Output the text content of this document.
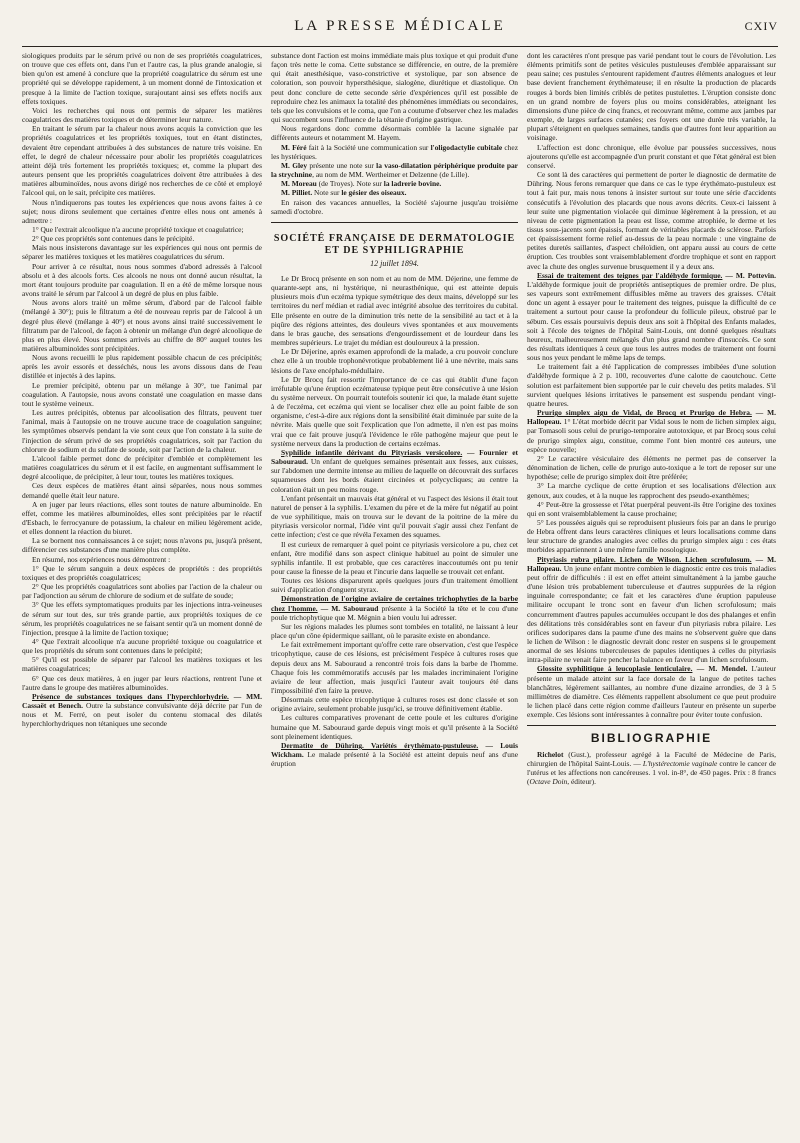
LA PRESSE MÉDICALE	CXIV

siologiques produits par le sérum privé ou non de ses propriétés coagulatrices, on trouve que ces effets ont, dans l'un et l'autre cas, la plus grande analogie, si bien qu'on est amené à conclure que la propriété coagulatrice du sérum est une propriété qui se développe rapidement, à un moment donné de l'intoxication et presque à la limite de l'action toxique, surajoutant ainsi ses effets nocifs aux effets toxiques.

Voici les recherches qui nous ont permis de séparer les matières coagulatrices des matières toxiques et de déterminer leur nature.

En traitant le sérum par la chaleur nous avons acquis la conviction que les propriétés coagulatrices et les propriétés toxiques, tout en étant distinctes, devaient être cependant attribuées à des substances de nature très voisine. En effet, le degré de chaleur nécessaire pour abolir les propriétés coagulatrices atteint déjà très fortement les propriétés toxiques; et, comme la plupart des auteurs pensent que les propriétés coagulatrices doivent être attribuées à des matières albuminoïdes, nous avons dirigé nos recherches de ce côté et employé l'alcool qui, on le sait, précipite ces matières.

Nous n'indiquerons pas toutes les expériences que nous avons faites à ce sujet; nous dirons seulement que certaines d'entre elles nous ont amenés à admettre :

1° Que l'extrait alcoolique n'a aucune propriété toxique et coagulatrice;

2° Que ces propriétés sont contenues dans le précipité.

Mais nous insisterons davantage sur les expériences qui nous ont permis de séparer les matières toxiques et les matières coagulatrices du sérum.

Pour arriver à ce résultat, nous nous sommes d'abord adressés à l'alcool absolu et à des alcools forts. Ces alcools ne nous ont donné aucun résultat, la mort étant toujours produite par coagulation. Il en a été de même lorsque nous avons traité le sérum par l'alcool à un degré de plus en plus faible.

Nous avons alors traité un même sérum, d'abord par de l'alcool faible (mélangé à 30°); puis le filtratum a été de nouveau repris par de l'alcool à un degré plus élevé (mélange à 40°) et nous avons ainsi traité successivement le filtratum par de l'alcool, de façon à obtenir un mélange d'un degré alcoolique de plus en plus élevé. Nous sommes arrivés au chiffre de 80° auquel toutes les matières albuminoïdes sont précipitées.

Nous avons recueilli le plus rapidement possible chacun de ces précipités; après les avoir essorés et desséchés, nous les avons dissous dans de l'eau distillée et injectés à des lapins.

Le premier précipité, obtenu par un mélange à 30°, tue l'animal par coagulation. A l'autopsie, nous avons constaté une coagulation en masse dans tout le système veineux.

Les autres précipités, obtenus par alcoolisation des filtrats, peuvent tuer l'animal, mais à l'autopsie on ne trouve aucune trace de coagulation sanguine; les symptômes observés pendant la vie sont ceux que l'on constate à la suite de l'injection de sérum privé de ses propriétés coagulatrices, soit par l'action du chlorure de sodium et du sulfate de soude, soit par l'action de la chaleur.

L'alcool faible permet donc de précipiter d'emblée et complètement les matières coagulatrices du sérum et il est facile, en augmentant suffisamment le degré alcoolique, de précipiter, à leur tour, toutes les matières toxiques.

Ces deux espèces de matières étant ainsi séparées, nous nous sommes demandé quelle était leur nature.

A en juger par leurs réactions, elles sont toutes de nature albuminoïde. En effet, comme les matières albuminoïdes, elles sont précipitées par le réactif d'Esbach, le ferrocyanure de potassium, la chaleur en milieu légèrement acide, et elles donnent la réaction du biuret.

La se bornent nos connaissances à ce sujet; nous n'avons pu, jusqu'à présent, différencier ces substances d'une manière plus complète.

En résumé, nos expériences nous démontrent :

1° Que le sérum sanguin a deux espèces de propriétés : des propriétés toxiques et des propriétés coagulatrices;

2° Que les propriétés coagulatrices sont abolies par l'action de la chaleur ou par l'adjonction au sérum de chlorure de sodium et de sulfate de soude;

3° Que les effets symptomatiques produits par les injections intra-veineuses de sérum sur tout des, sur très grande partie, aux propriétés toxiques de ce sérum, les propriétés coagulatrices ne se faisant sentir qu'à un moment donné de l'injection, presque à la limite de l'action toxique;

4° Que l'extrait alcoolique n'a aucune propriété toxique ou coagulatrice et que les propriétés du sérum sont contenues dans le précipité;

5° Qu'il est possible de séparer par l'alcool les matières toxiques et les matières coagulatrices;

6° Que ces deux matières, à en juger par leurs réactions, rentrent l'une et l'autre dans le groupe des matières albuminoïdes.

Présence de substances toxiques dans l'hyperchlorhydrie. — MM. Cassaët et Benech. Outre la substance convulsivante déjà décrite par l'un de nous et M. Ferré, on peut isoler du contenu stomacal des dilatés hyperchlorhydriques non tétaniques une seconde

substance dont l'action est moins immédiate mais plus toxique et qui produit d'une façon très nette le coma. Cette substance se différencie, en outre, de la première qui était anesthésique, vaso-constrictive et systolique, par son absence de coloration, son pouvoir hypersthésique, sialogène, diurétique et diastolique. On peut donc conclure de cette seconde série d'expériences qu'il est possible de reproduire chez les animaux la totalité des phénomènes immédiats ou secondaires, tels que les convulsions et le coma, que l'on a coutume d'observer chez les malades qui succombent sous l'influence de la tétanie d'origine gastrique.

Nous regardons donc comme désormais comblée la lacune signalée par différents auteurs et notamment M. Hayem.

M. Féré fait à la Société une communication sur l'oligodactylie cubitale chez les hystériques.

M. Gley présente une note sur la vaso-dilatation périphérique produite par la strychnine, au nom de MM. Wertheimer et Delzenne (de Lille).

M. Moreau (de Troyes). Note sur la ladrerie bovine.

M. Pilliet. Note sur le gésier des oiseaux.

En raison des vacances annuelles, la Société s'ajourne jusqu'au troisième samedi d'octobre.

SOCIÉTÉ FRANÇAISE DE DERMATOLOGIE ET DE SYPHILIGRAPHIE
12 juillet 1894.

Le Dr Brocq présente en son nom et au nom de MM. Déjerine, une femme de quarante-sept ans, ni hystérique, ni neurasthénique, qui est atteinte depuis plusieurs mois d'un eczéma typique symétrique des deux mains, développé sur les territoires du nerf médian et radial avec intégrité absolue des territoires du cubital. Elle présente en outre de la diminution très nette de la sensibilité au tact et à la piqûre des régions atteintes, des douleurs vives spontanées et aux mouvements dans le bras gauche, des sensations d'engourdissement et de lourdeur dans les membres supérieurs. Le trajet du médian est douloureux à la pression.

Le Dr Déjerine, après examen approfondi de la malade, a cru pouvoir conclure chez elle à un trouble trophonévrotique probablement lié à une névrite, mais sans lésions de l'axe encéphalo-médullaire.

Le Dr Brocq fait ressortir l'importance de ce cas qui établit d'une façon irréfutable qu'une éruption eczémateuse typique peut être consécutive à une lésion du système nerveux. On pourrait toutefois soutenir ici que, la malade étant sujette à de l'eczéma, cet eczéma qui vient se localiser chez elle au point faible de son organisme, c'est-à-dire aux régions dont la sensibilité était diminuée par suite de la névrite. Mais quelle que soit l'explication que l'on admette, il n'en est pas moins vrai que ce fait prouve jusqu'à l'évidence le rôle pathogène majeur que peut le système nerveux dans la production de certains eczémas.

Syphilide infantile dérivant du Pityriasis versicolore. — Fournier et Sabouraud. Un enfant de quelques semaines présentait aux fesses, aux cuisses, sur l'abdomen une dermite intense au milieu de laquelle on découvrait des surfaces squameuses dont les bords étaient circinées et polycycliques; au centre la coloration était un peu moins rouge.

L'enfant présentait un mauvais état général et vu l'aspect des lésions il était tout naturel de penser à la syphilis. L'examen du père et de la mère fut négatif au point de vue syphilitique, mais on trouva sur le devant de la poitrine de la mère du pityriasis versicolor normal, l'idée vint qu'il pouvait s'agir aussi chez l'enfant de cette infection; c'est ce que révéla l'examen des squames.

Il est curieux de remarquer à quel point ce pityriasis versicolore a pu, chez cet enfant, être modifié dans son aspect clinique habituel au point de simuler une syphilis infantile. Il est probable, que ces caractères inaccoutumés ont pu tenir pour cause la finesse de la peau et l'incurie dans laquelle se trouvait cet enfant.

Toutes ces lésions disparurent après quelques jours d'un traitement émollient suivi d'application d'onguent styrax.

Démonstration de l'origine aviaire de certaines trichophyties de la barbe chez l'homme. — M. Sabouraud présente à la Société la tête et le cou d'une poule trichophytique que M. Mégnin a bien voulu lui adresser.

Sur les régions malades les plumes sont tombées en totalité, ne laissant à leur place qu'un cône épidermique saillant, où le parasite existe en abondance.

Le fait extrêmement important qu'offre cette rare observation, c'est que l'espèce tricophytique, cause de ces lésions, est précisément l'espèce à cultures roses que depuis deux ans M. Sabouraud a rencontré trois fois dans la barbe de l'homme. Chaque fois les commémoratifs accusés par les malades incriminaient l'origine aviaire de leur affection, mais jusqu'ici l'auteur avait toujours été dans l'impossibilité d'en faire la preuve.

Désormais cette espèce tricophytique à cultures roses est donc classée et son origine aviaire, seulement probable jusqu'ici, se trouve définitivement établie.

Les cultures comparatives provenant de cette poule et les cultures d'origine humaine que M. Sabouraud garde depuis vingt mois et qu'il présente à la Société sont pleinement identiques.

Dermatite de Dühring. Variétés érythémato-pustuleuse. — Louis Wickham. Le malade présenté à la Société est atteint depuis neuf ans d'une éruption

dont les caractères n'ont presque pas varié pendant tout le cours de l'évolution. Les éléments primitifs sont de petites vésicules pustuleuses d'emblée apparaissant sur peau saine; ces pustules s'entourent rapidement d'autres éléments analogues et leur base devient franchement érythémateuse; il en résulte la production de placards rouges à bords bien limités criblés de petites pustulettes. L'éruption consiste donc en un grand nombre de foyers plus ou moins considérables, atteignant les dimensions d'une pièce de cinq francs, et recouvrant même, comme aux jambes par exemple, de larges surfaces cutanées; ces foyers ont une durée très variable, la plupart s'éteignent en quelques semaines, tandis que d'autres font leur apparition au voisinage.

L'affection est donc chronique, elle évolue par poussées successives, nous ajouterons qu'elle est accompagnée d'un prurit constant et que l'état général est bien conservé.

Ce sont là des caractères qui permettent de porter le diagnostic de dermatite de Dühring. Nous ferons remarquer que dans ce cas le type érythémato-pustuleux est tout à fait pur, mais nous tenons à insister surtout sur toute une série d'accidents consécutifs à l'évolution des placards que nous avons décrits. Ceux-ci laissent à leur suite une pigmentation violacée qui diminue légèrement à la pression, et au niveau de cette pigmentation la peau est lisse, comme atrophiée, le derme et les tissus sous-jacents sont épaissis, formant de véritables placards de sclérose. Parfois cet épaississement forme relief au-dessus de la peau normale : une vingtaine de petites duretés saillantes, d'aspect chéloïdien, ont apparu aussi au cours de cette éruption. Ces troubles sont vraisemblablement d'ordre trophique et sont en rapport avec la chute des ongles survenue brusquement il y a deux ans.

Essai de traitement des teignes par l'aldéhyde formique. — M. Pottevin. L'aldéhyde formique jouit de propriétés antiseptiques de premier ordre. De plus, ses vapeurs sont extrêmement diffusibles même au travers des graisses. C'était donc un agent à essayer pour le traitement des teignes, puisque la difficulté de ce traitement a surtout pour cause la profondeur du follicule pileux, obstrué par le sébum. Ces essais poursuivis depuis deux ans soit à l'hôpital des Enfants malades, soit à l'école des teignes de l'hôpital Saint-Louis, ont donné quelques résultats heureux, malheureusement mélangés d'un plus grand nombre d'insuccès. Ce sont des résultats identiques à ceux que tous les autres modes de traitement ont fourni sous nos yeux pendant le même laps de temps.

Le traitement fait a été l'application de compresses imbibées d'une solution d'aldéhyde formique à 2 p. 100, recouvertes d'une calotte de caoutchouc. Cette solution est parfaitement bien supportée par le cuir chevelu des petits malades. S'il survient quelques lésions irritatives le pansement est suspendu pendant vingt-quatre heures.

Prurigo simplex aigu de Vidal, de Brocq et Prurigo de Hebra. — M. Hallopeau. 1° L'état morbide décrit par Vidal sous le nom de lichen simplex aigu, par Tomasoli sous celui de prurigo-temporaire autotoxique, et par Brocq sous celui de prurigo simplex aigu, constitue, comme l'ont bien montré ces auteurs, une espèce nouvelle;

2° Le caractère vésiculaire des éléments ne permet pas de conserver la dénomination de lichen, celle de prurigo auto-toxique a le tort de reposer sur une hypothèse; celle de prurigo simplex doit être préférée;

3° La marche cyclique de cette éruption et ses localisations d'élection aux genoux, aux coudes, et à la nuque les rapprochent des pseudo-exanthèmes;

4° Peut-être la grossesse et l'état puerpéral peuvent-ils être l'origine des toxines qui en sont vraisemblablement la cause prochaine;

5° Les poussées aiguës qui se reproduisent plusieurs fois par an dans le prurigo de Hebra offrent dans leurs caractères cliniques et leurs localisations comme dans leur structure de grandes analogies avec celles du prurigo simplex aigu : ces états morbides appartiennent à une même famille nosologique.

Pityriasis rubra pilaire. Lichen de Wilson. Lichen scrofulosum. — M. Hallopeau. Un jeune enfant montre combien le diagnostic entre ces trois maladies peut offrir de difficultés : il est en effet atteint simultanément à la jambe gauche d'une lésion très probablement tuberculeuse et d'autres suppurées de la région inguinale correspondante; ce fait et les caractères d'une éruption papuleuse militaire occupant le tronc sont en faveur d'un lichen scrofulosum; mais concurremment d'autres papules accumulées occupant le dos des phalanges et enfin des délitations très considérables sont en faveur d'un pityriasis rubra pilaire. Les orifices sudoripares dans la paume d'une des mains ne s'observent guère que dans le lichen de Wilson : le diagnostic devrait donc rester en suspens si le groupement anormal de ses lésions tuberculeuses de papules identiques à celles du pityriasis intra-pilaire ne venait faire pencher la balance en faveur d'un lichen scrofulosum.

Glossite syphilitique à leucoplasie lenticulaire. — M. Mendel. L'auteur présente un malade atteint sur la face dorsale de la langue de petites taches blanchâtres, légèrement saillantes, au nombre d'une dizaine arrondies, de 3 à 5 millimètres de diamètre. Ces éléments rappellent absolument ce que peut produire le lichen placé dans cette région comme d'ailleurs l'auteur en présente un superbe exemple. Ces lésions sont intéressantes à connaître pour éviter toute confusion.

BIBLIOGRAPHIE

Richelot (Gust.), professeur agrégé à la Faculté de Médecine de Paris, chirurgien de l'hôpital Saint-Louis. — L'hystérectomie vaginale contre le cancer de l'utérus et les affections non cancéreuses. 1 vol. in-8°, de 450 pages. Prix : 8 francs (Octave Doin, éditeur).
